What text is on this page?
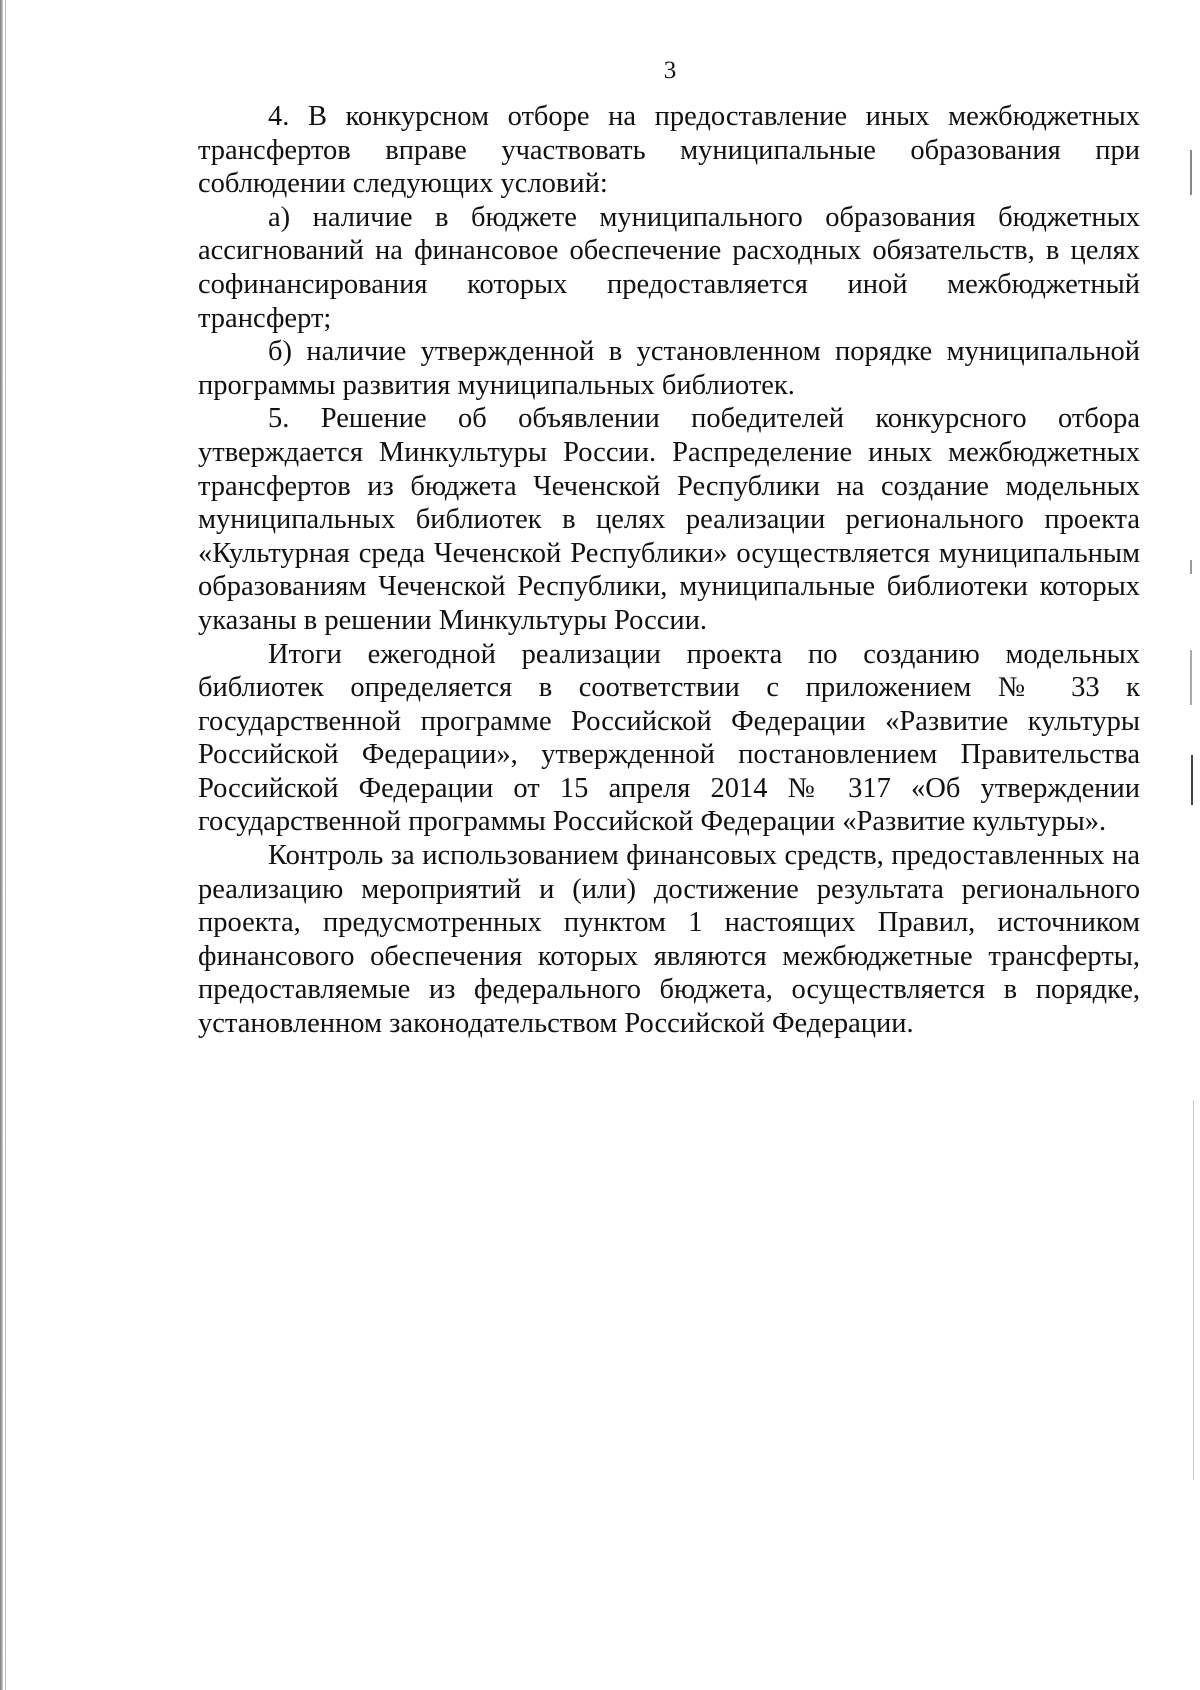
3

4. В конкурсном отборе на предоставление иных межбюджетных трансфертов вправе участвовать муниципальные образования при соблюдении следующих условий:

а) наличие в бюджете муниципального образования бюджетных ассигнований на финансовое обеспечение расходных обязательств, в целях софинансирования которых предоставляется иной межбюджетный трансферт;

б) наличие утвержденной в установленном порядке муниципальной программы развития муниципальных библиотек.

5. Решение об объявлении победителей конкурсного отбора утверждается Минкультуры России. Распределение иных межбюджетных трансфертов из бюджета Чеченской Республики на создание модельных муниципальных библиотек в целях реализации регионального проекта «Культурная среда Чеченской Республики» осуществляется муниципальным образованиям Чеченской Республики, муниципальные библиотеки которых указаны в решении Минкультуры России.

Итоги ежегодной реализации проекта по созданию модельных библиотек определяется в соответствии с приложением № 33 к государственной программе Российской Федерации «Развитие культуры Российской Федерации», утвержденной постановлением Правительства Российской Федерации от 15 апреля 2014 № 317 «Об утверждении государственной программы Российской Федерации «Развитие культуры».

Контроль за использованием финансовых средств, предоставленных на реализацию мероприятий и (или) достижение результата регионального проекта, предусмотренных пунктом 1 настоящих Правил, источником финансового обеспечения которых являются межбюджетные трансферты, предоставляемые из федерального бюджета, осуществляется в порядке, установленном законодательством Российской Федерации.
